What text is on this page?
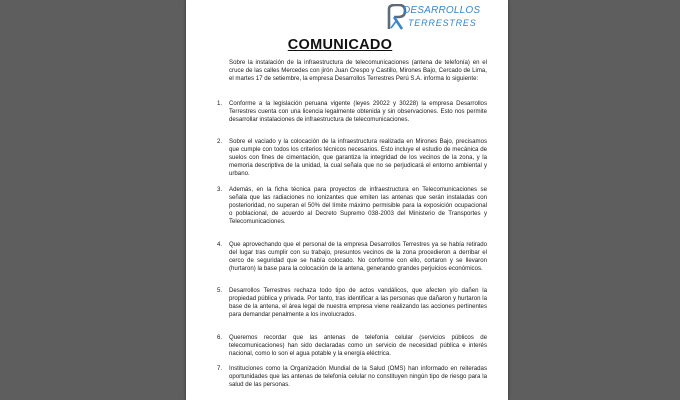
DESARROLLOS
TERRESTRES
COMUNICADO
Sobre la instalación de la infraestructura de telecomunicaciones (antena de telefonía) en el cruce de las calles Mercedes con jirón Juan Crespo y Castillo, Mirones Bajo, Cercado de Lima, el martes 17 de setiembre, la empresa Desarrollos Terrestres Perú S.A. informa lo siguiente:
1. Conforme a la legislación peruana vigente (leyes 29022 y 30228) la empresa Desarrollos Terrestres cuenta con una licencia legalmente obtenida y sin observaciones. Esto nos permite desarrollar instalaciones de infraestructura de telecomunicaciones.
2. Sobre el vaciado y la colocación de la infraestructura realizada en Mirones Bajo, precisamos que cumple con todos los criterios técnicos necesarios. Esto incluye el estudio de mecánica de suelos con fines de cimentación, que garantiza la integridad de los vecinos de la zona, y la memoria descriptiva de la unidad, la cual señala que no se perjudicará el entorno ambiental y urbano.
3. Además, en la ficha técnica para proyectos de infraestructura en Telecomunicaciones se señala que las radiaciones no ionizantes que emiten las antenas que serán instaladas con posterioridad, no superan el 50% del límite máximo permisible para la exposición ocupacional o poblacional, de acuerdo al Decreto Supremo 038-2003 del Ministerio de Transportes y Telecomunicaciones.
4. Que aprovechando que el personal de la empresa Desarrollos Terrestres ya se había retirado del lugar tras cumplir con su trabajo, presuntos vecinos de la zona procedieron a derribar el cerco de seguridad que se había colocado. No conforme con ello, cortaron y se llevaron (hurtaron) la base para la colocación de la antena, generando grandes perjuicios económicos.
5. Desarrollos Terrestres rechaza todo tipo de actos vandálicos, que afecten y/o dañen la propiedad pública y privada. Por tanto, tras identificar a las personas que dañaron y hurtaron la base de la antena, el área legal de nuestra empresa viene realizando las acciones pertinentes para demandar penalmente a los involucrados.
6. Queremos recordar que las antenas de telefonía celular (servicios públicos de telecomunicaciones) han sido declaradas como un servicio de necesidad pública e interés nacional, como lo son el agua potable y la energía eléctrica.
7. Instituciones como la Organización Mundial de la Salud (OMS) han informado en reiteradas oportunidades que las antenas de telefonía celular no constituyen ningún tipo de riesgo para la salud de las personas.
